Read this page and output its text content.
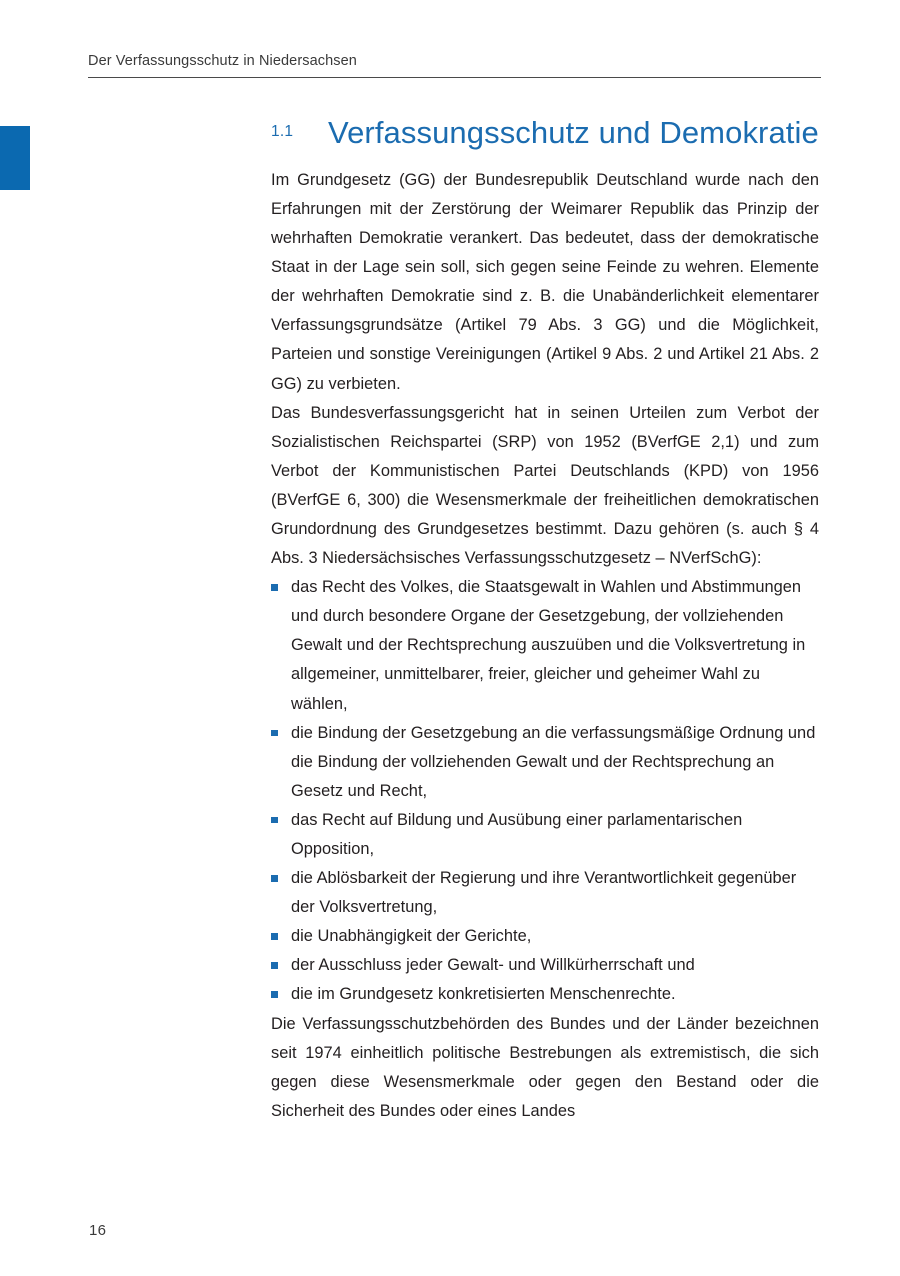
Der Verfassungsschutz in Niedersachsen
1.1 Verfassungsschutz und Demokratie

Im Grundgesetz (GG) der Bundesrepublik Deutschland wurde nach den Erfahrungen mit der Zerstörung der Weimarer Republik das Prinzip der wehrhaften Demokratie verankert. Das bedeutet, dass der demokratische Staat in der Lage sein soll, sich gegen seine Feinde zu wehren. Elemente der wehrhaften Demokratie sind z. B. die Unabänderlichkeit elementarer Verfassungsgrundsätze (Artikel 79 Abs. 3 GG) und die Möglichkeit, Parteien und sonstige Vereinigungen (Artikel 9 Abs. 2 und Artikel 21 Abs. 2 GG) zu verbieten.

Das Bundesverfassungsgericht hat in seinen Urteilen zum Verbot der Sozialistischen Reichspartei (SRP) von 1952 (BVerfGE 2,1) und zum Verbot der Kommunistischen Partei Deutschlands (KPD) von 1956 (BVerfGE 6, 300) die Wesensmerkmale der freiheitlichen demokratischen Grundordnung des Grundgesetzes bestimmt. Dazu gehören (s. auch § 4 Abs. 3 Niedersächsisches Verfassungsschutzgesetz – NVerfSchG):

das Recht des Volkes, die Staatsgewalt in Wahlen und Abstimmungen und durch besondere Organe der Gesetzgebung, der vollziehenden Gewalt und der Rechtsprechung auszuüben und die Volksvertretung in allgemeiner, unmittelbarer, freier, gleicher und geheimer Wahl zu wählen,
die Bindung der Gesetzgebung an die verfassungsmäßige Ordnung und die Bindung der vollziehenden Gewalt und der Rechtsprechung an Gesetz und Recht,
das Recht auf Bildung und Ausübung einer parlamentarischen Opposition,
die Ablösbarkeit der Regierung und ihre Verantwortlichkeit gegenüber der Volksvertretung,
die Unabhängigkeit der Gerichte,
der Ausschluss jeder Gewalt- und Willkürherrschaft und
die im Grundgesetz konkretisierten Menschenrechte.

Die Verfassungsschutzbehörden des Bundes und der Länder bezeichnen seit 1974 einheitlich politische Bestrebungen als extremistisch, die sich gegen diese Wesensmerkmale oder gegen den Bestand oder die Sicherheit des Bundes oder eines Landes

16
